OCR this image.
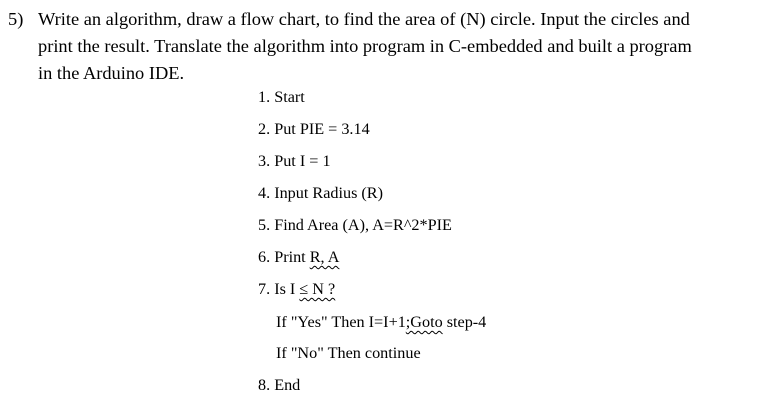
5) Write an algorithm, draw a flow chart, to find the area of (N) circle. Input the circles and
print the result. Translate the algorithm into program in C-embedded and built a program
in the Arduino IDE.
1. Start
2. Put PIE = 3.14
3. Put I = 1
4. Input Radius (R)
5. Find Area (A), A=R^2*PIE
6. Print R, A
7. Is I ≤ N ?
If "Yes" Then I=I+1;Goto step-4
If "No" Then continue
8. End
